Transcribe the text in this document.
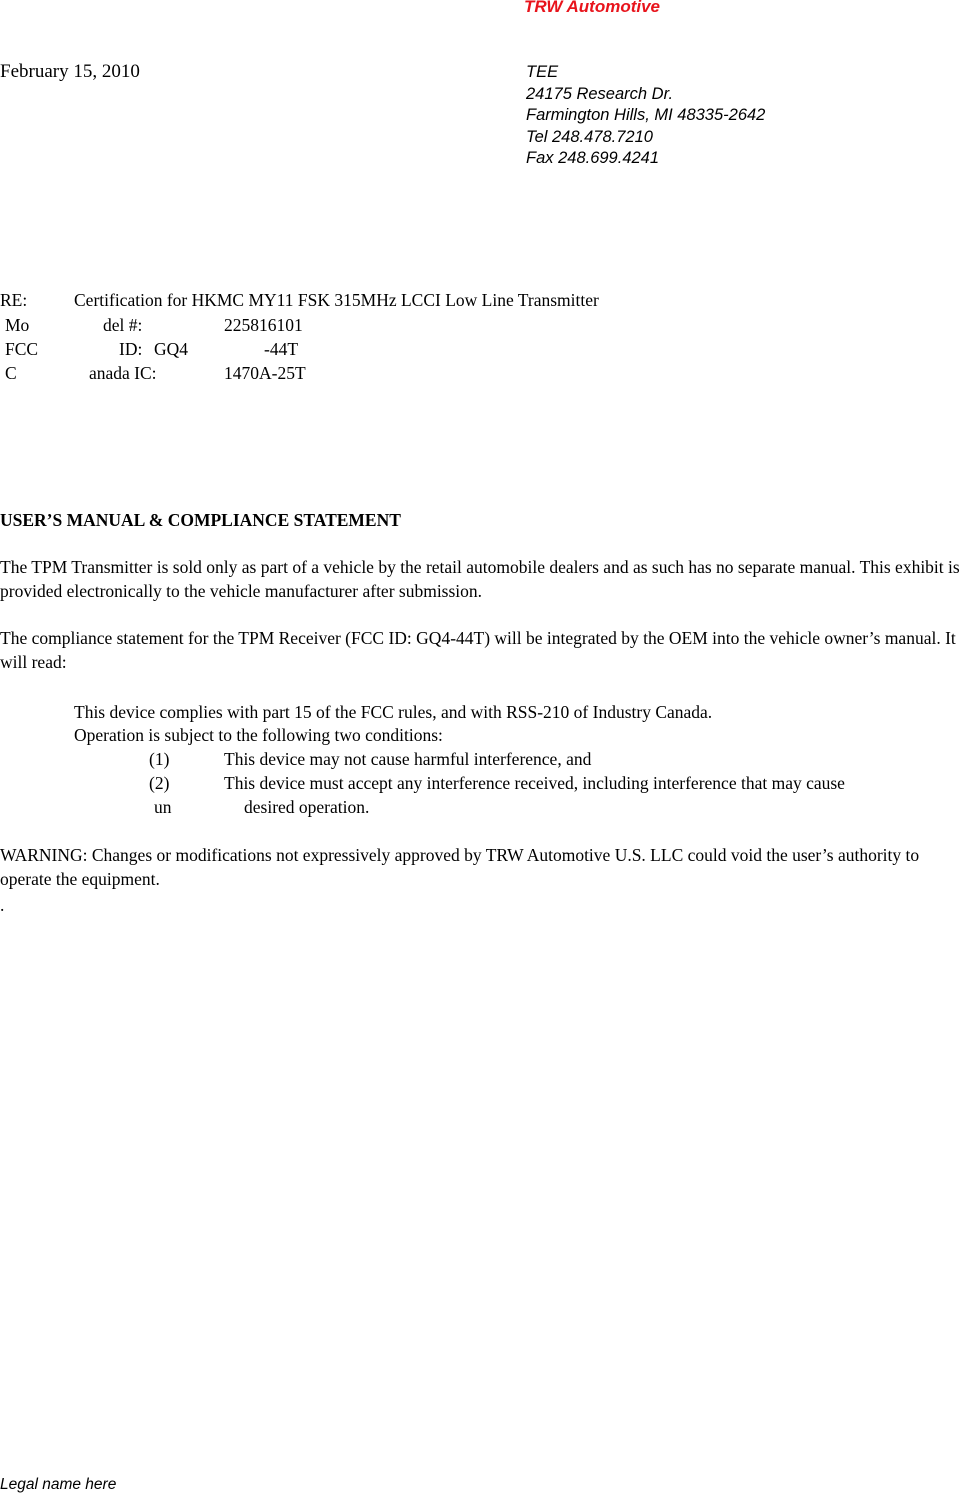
TRW Automotive
TEE
24175 Research Dr.
Farmington Hills, MI 48335-2642
Tel 248.478.7210
Fax 248.699.4241
February 15, 2010
RE:	Certification for HKMC MY11 FSK 315MHz LCCI Low Line Transmitter
Mo	del #:	225816101
FCC	ID: GQ4	-44T
C	anada IC:	1470A-25T
USER’S MANUAL & COMPLIANCE STATEMENT
The TPM Transmitter is sold only as part of a vehicle by the retail automobile dealers and as such has no separate manual. This exhibit is provided electronically to the vehicle manufacturer after submission.
The compliance statement for the TPM Receiver (FCC ID: GQ4-44T) will be integrated by the OEM into the vehicle owner’s manual. It will read:
This device complies with part 15 of the FCC rules, and with RSS-210 of Industry Canada.
Operation is subject to the following two conditions:
(1)	This device may not cause harmful interference, and
(2)	This device must accept any interference received, including interference that may cause
un	desired operation.
WARNING: Changes or modifications not expressively approved by TRW Automotive U.S. LLC could void the user’s authority to operate the equipment.
.
Legal name here
